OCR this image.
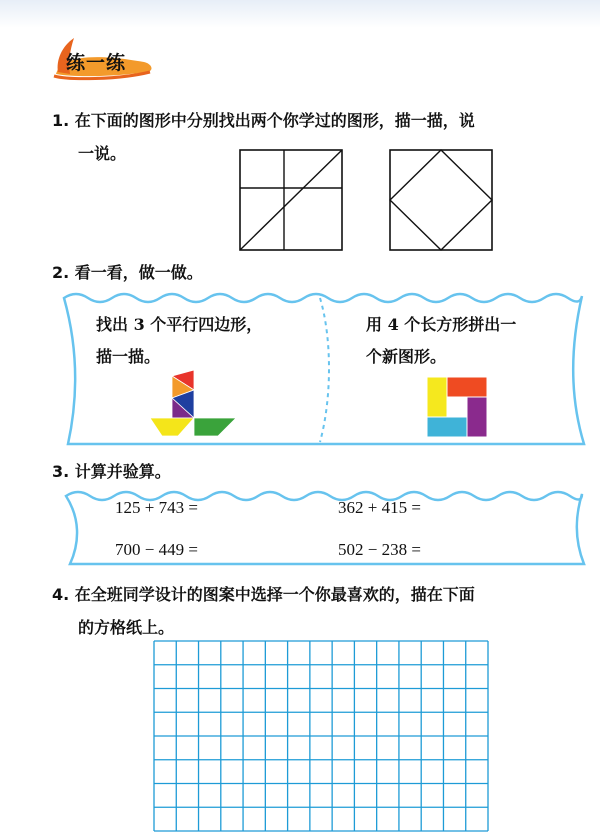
练一练
1. 在下面的图形中分别找出两个你学过的图形，描一描，说
一说。
2. 看一看，做一做。
找出 3 个平行四边形，
描一描。
用 4 个长方形拼出一
个新图形。
3. 计算并验算。
125 + 743 =	362 + 415 =
700 − 449 =	502 − 238 =
4. 在全班同学设计的图案中选择一个你最喜欢的，描在下面
的方格纸上。
